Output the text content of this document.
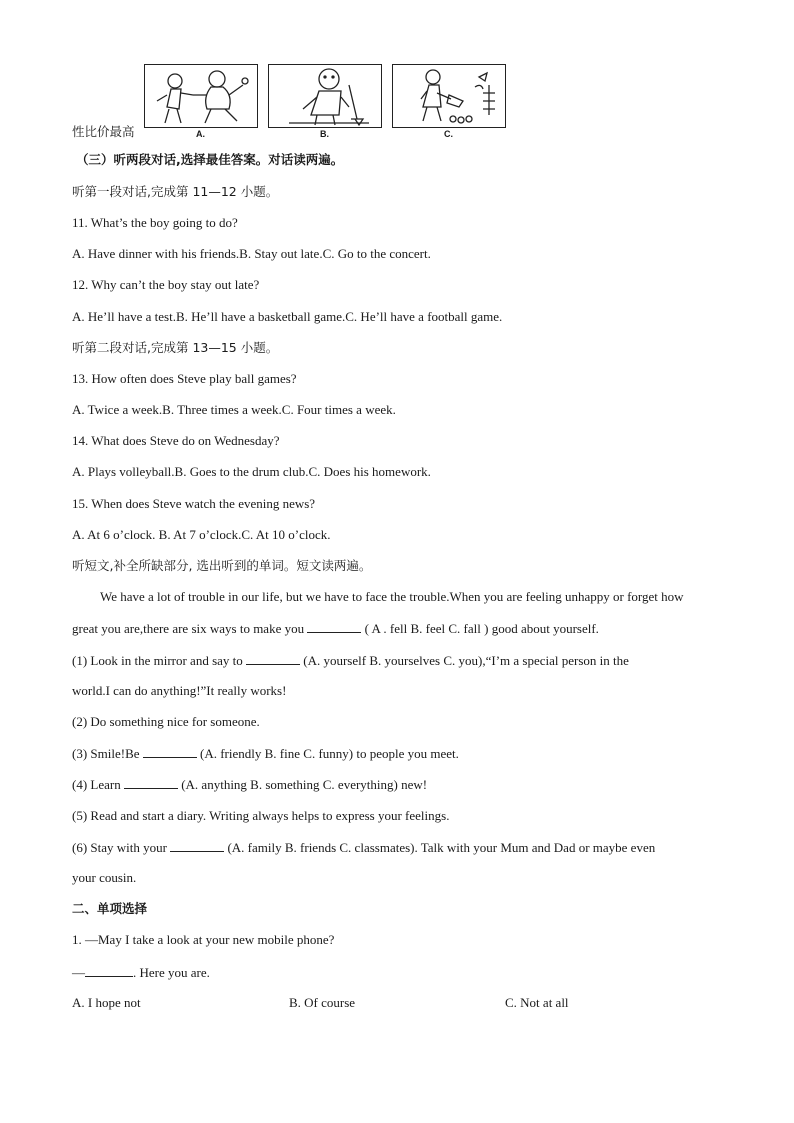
性比价最高	A.	B.	C.
（三）听两段对话,选择最佳答案。对话读两遍。
听第一段对话,完成第 11—12 小题。
11. What’s the boy going to do?
A. Have dinner with his friends.B. Stay out late.C. Go to the concert.
12. Why can’t the boy stay out late?
A. He’ll have a test.B. He’ll have a basketball game.C. He’ll have a football game.
听第二段对话,完成第 13—15 小题。
13. How often does Steve play ball games?
A. Twice a week.B. Three times a week.C. Four times a week.
14. What does Steve do on Wednesday?
A. Plays volleyball.B. Goes to the drum club.C. Does his homework.
15. When does Steve watch the evening news?
A. At 6 o’clock. B. At 7 o’clock.C. At 10 o’clock.
听短文,补全所缺部分, 选出听到的单词。短文读两遍。
We have a lot of trouble in our life, but we have to face the trouble.When you are feeling unhappy or forget how
great you are,there are six ways to make you	( A . fell B. feel C. fall ) good about yourself.
(1) Look in the mirror and say to	(A. yourself B. yourselves C. you),“I’m a special person in the
world.I can do anything!”It really works!
(2) Do something nice for someone.
(3) Smile!Be	(A. friendly B. fine C. funny) to people you meet.
(4) Learn	(A. anything B. something C. everything) new!
(5) Read and start a diary. Writing always helps to express your feelings.
(6) Stay with your	(A. family B. friends C. classmates). Talk with your Mum and Dad or maybe even
your cousin.
二、单项选择
1. —May I take a look at your new mobile phone?
—	. Here you are.
A. I hope not	B. Of course	C. Not at all
